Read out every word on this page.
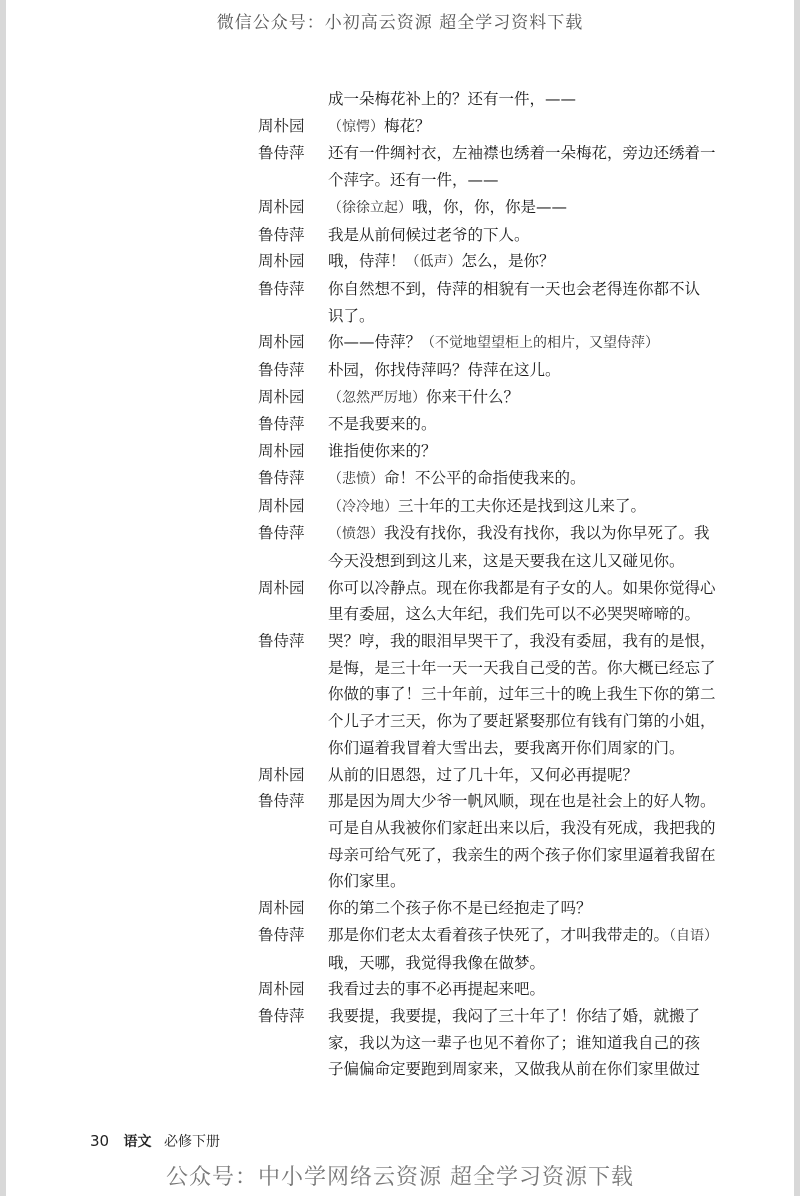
微信公众号：小初高云资源 超全学习资料下载
成一朵梅花补上的？还有一件，——
周朴园	（惊愕）梅花？
鲁侍萍	还有一件绸衬衣，左袖襟也绣着一朵梅花，旁边还绣着一
个萍字。还有一件，——
周朴园	（徐徐立起）哦，你，你，你是——
鲁侍萍	我是从前伺候过老爷的下人。
周朴园	哦，侍萍！（低声）怎么，是你？
鲁侍萍	你自然想不到，侍萍的相貌有一天也会老得连你都不认
识了。
周朴园	你——侍萍？（不觉地望望柜上的相片，又望侍萍）
鲁侍萍	朴园，你找侍萍吗？侍萍在这儿。
周朴园	（忽然严厉地）你来干什么？
鲁侍萍	不是我要来的。
周朴园	谁指使你来的？
鲁侍萍	（悲愤）命！不公平的命指使我来的。
周朴园	（冷冷地）三十年的工夫你还是找到这儿来了。
鲁侍萍	（愤怨）我没有找你，我没有找你，我以为你早死了。我
今天没想到到这儿来，这是天要我在这儿又碰见你。
周朴园	你可以冷静点。现在你我都是有子女的人。如果你觉得心
里有委屈，这么大年纪，我们先可以不必哭哭啼啼的。
鲁侍萍	哭？哼，我的眼泪早哭干了，我没有委屈，我有的是恨，
是悔，是三十年一天一天我自己受的苦。你大概已经忘了
你做的事了！三十年前，过年三十的晚上我生下你的第二
个儿子才三天，你为了要赶紧娶那位有钱有门第的小姐，
你们逼着我冒着大雪出去，要我离开你们周家的门。
周朴园	从前的旧恩怨，过了几十年，又何必再提呢？
鲁侍萍	那是因为周大少爷一帆风顺，现在也是社会上的好人物。
可是自从我被你们家赶出来以后，我没有死成，我把我的
母亲可给气死了，我亲生的两个孩子你们家里逼着我留在
你们家里。
周朴园	你的第二个孩子你不是已经抱走了吗？
鲁侍萍	那是你们老太太看着孩子快死了，才叫我带走的。（自语）
哦，天哪，我觉得我像在做梦。
周朴园	我看过去的事不必再提起来吧。
鲁侍萍	我要提，我要提，我闷了三十年了！你结了婚，就搬了
家，我以为这一辈子也见不着你了；谁知道我自己的孩
子偏偏命定要跑到周家来，又做我从前在你们家里做过
30 语文 必修下册
公众号：中小学网络云资源 超全学习资源下载
